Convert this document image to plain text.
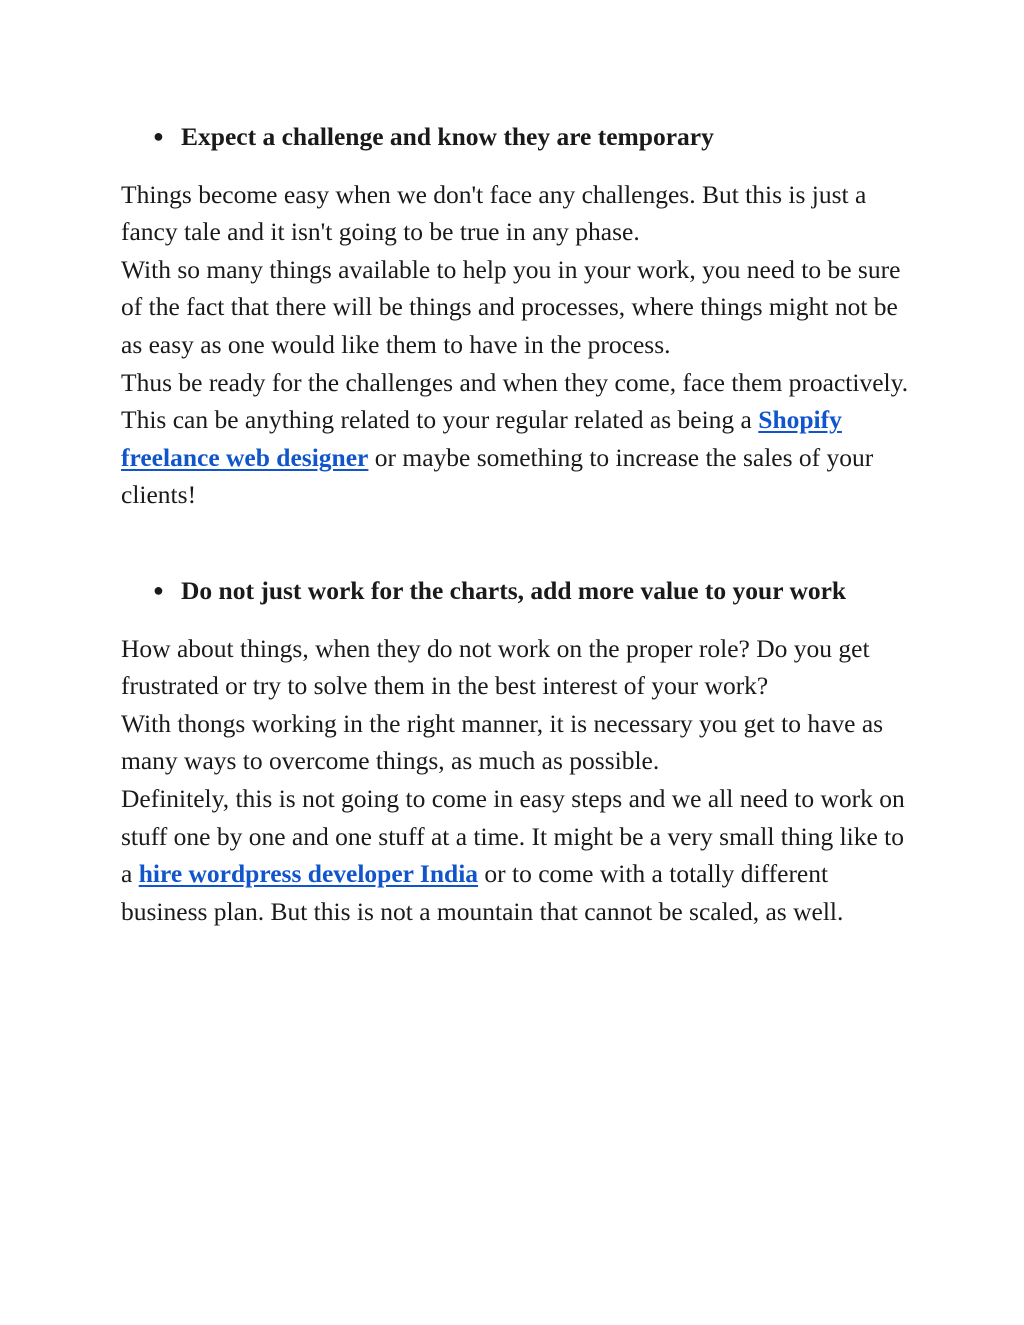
● Expect a challenge and know they are temporary

Things become easy when we don't face any challenges. But this is just a fancy tale and it isn't going to be true in any phase.

With so many things available to help you in your work, you need to be sure of the fact that there will be things and processes, where things might not be as easy as one would like them to have in the process.

Thus be ready for the challenges and when they come, face them proactively. This can be anything related to your regular related as being a Shopify freelance web designer or maybe something to increase the sales of your clients!

● Do not just work for the charts, add more value to your work

How about things, when they do not work on the proper role? Do you get frustrated or try to solve them in the best interest of your work?

With thongs working in the right manner, it is necessary you get to have as many ways to overcome things, as much as possible.

Definitely, this is not going to come in easy steps and we all need to work on stuff one by one and one stuff at a time. It might be a very small thing like to a hire wordpress developer India or to come with a totally different business plan. But this is not a mountain that cannot be scaled, as well.
